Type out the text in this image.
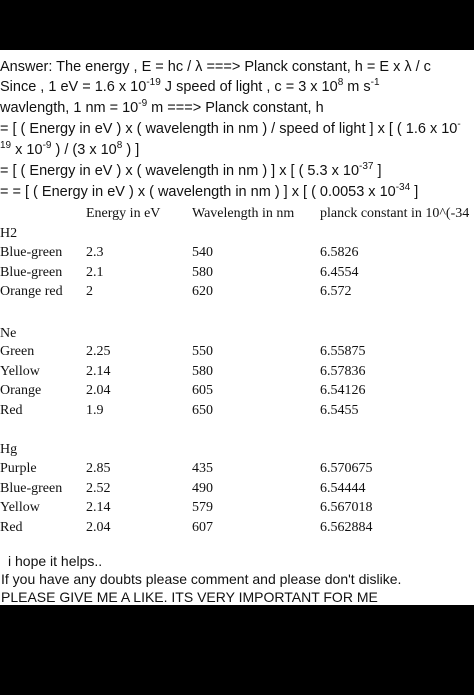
Answer: The energy , E = hc / λ ===> Planck constant, h = E x λ / c
Since , 1 eV = 1.6 x $10^{-19}$ J speed of light , c = 3 x $10^8$ m $s^{-1}$
wavlength, 1 nm = $10^{-9}$ m ===> Planck constant, h
= [ ( Energy in eV ) x ( wavelength in nm ) / speed of light ] x [ ( 1.6 x 10-
$^{19}$ x $10^{-9}$ ) / (3 x $10^8$ ) ]
= [ ( Energy in eV ) x ( wavelength in nm ) ] x [ ( 5.3 x $10^{-37}$ ]
= = [ ( Energy in eV ) x ( wavelength in nm ) ] x [ ( 0.0053 x $10^{-34}$ ]
Energy in eV Wavelength in nm planck constant in 10^(-34
H2
Blue-green 2.3	540	6.5826
Blue-green 2.1	580	6.4554
Orange red 2	620	6.572
Ne
Green	2.25	550	6.55875
Yellow	2.14	580	6.57836
Orange	2.04	605	6.54126
Red	1.9	650	6.5455
Hg
Purple	2.85	435	6.570675
Blue-green 2.52	490	6.54444
Yellow	2.14	579	6.567018
Red	2.04	607	6.562884
i hope it helps..
If you have any doubts please comment and please don't dislike.
PLEASE GIVE ME A LIKE. ITS VERY IMPORTANT FOR ME
